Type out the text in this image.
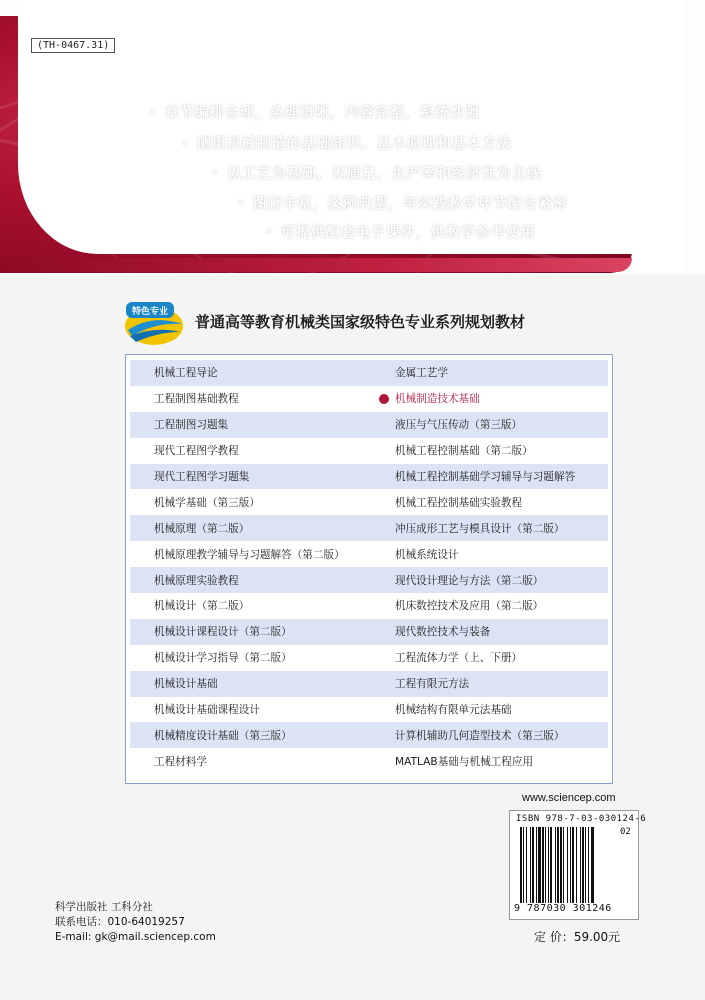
(TH-0467.31)
* 章节编排合理，条理清晰，内容完整，系统性强
* 侧重机械制造的基础知识、基本原理和基本方法
* 以工艺为基础，以质量、生产率和经济性为主线
* 图解丰富，案例典型，与实践教学环节配合紧密
* 可提供配套电子课件，供教学参考使用
特色专业
普通高等教育机械类国家级特色专业系列规划教材
机械工程导论	金属工艺学
工程制图基础教程	机械制造技术基础
工程制图习题集	液压与气压传动（第三版）
现代工程图学教程	机械工程控制基础（第二版）
现代工程图学习题集	机械工程控制基础学习辅导与习题解答
机械学基础（第三版）	机械工程控制基础实验教程
机械原理（第二版）	冲压成形工艺与模具设计（第二版）
机械原理教学辅导与习题解答（第二版）	机械系统设计
机械原理实验教程	现代设计理论与方法（第二版）
机械设计（第二版）	机床数控技术及应用（第二版）
机械设计课程设计（第二版）	现代数控技术与装备
机械设计学习指导（第二版）	工程流体力学（上、下册）
机械设计基础	工程有限元方法
机械设计基础课程设计	机械结构有限单元法基础
机械精度设计基础（第三版）	计算机辅助几何造型技术（第三版）
工程材料学	MATLAB基础与机械工程应用
www.sciencep.com
ISBN 978-7-03-030124-6
02
9 787030 301246
定 价：59.00元
科学出版社 工科分社
联系电话：010-64019257
E-mail: gk@mail.sciencep.com
